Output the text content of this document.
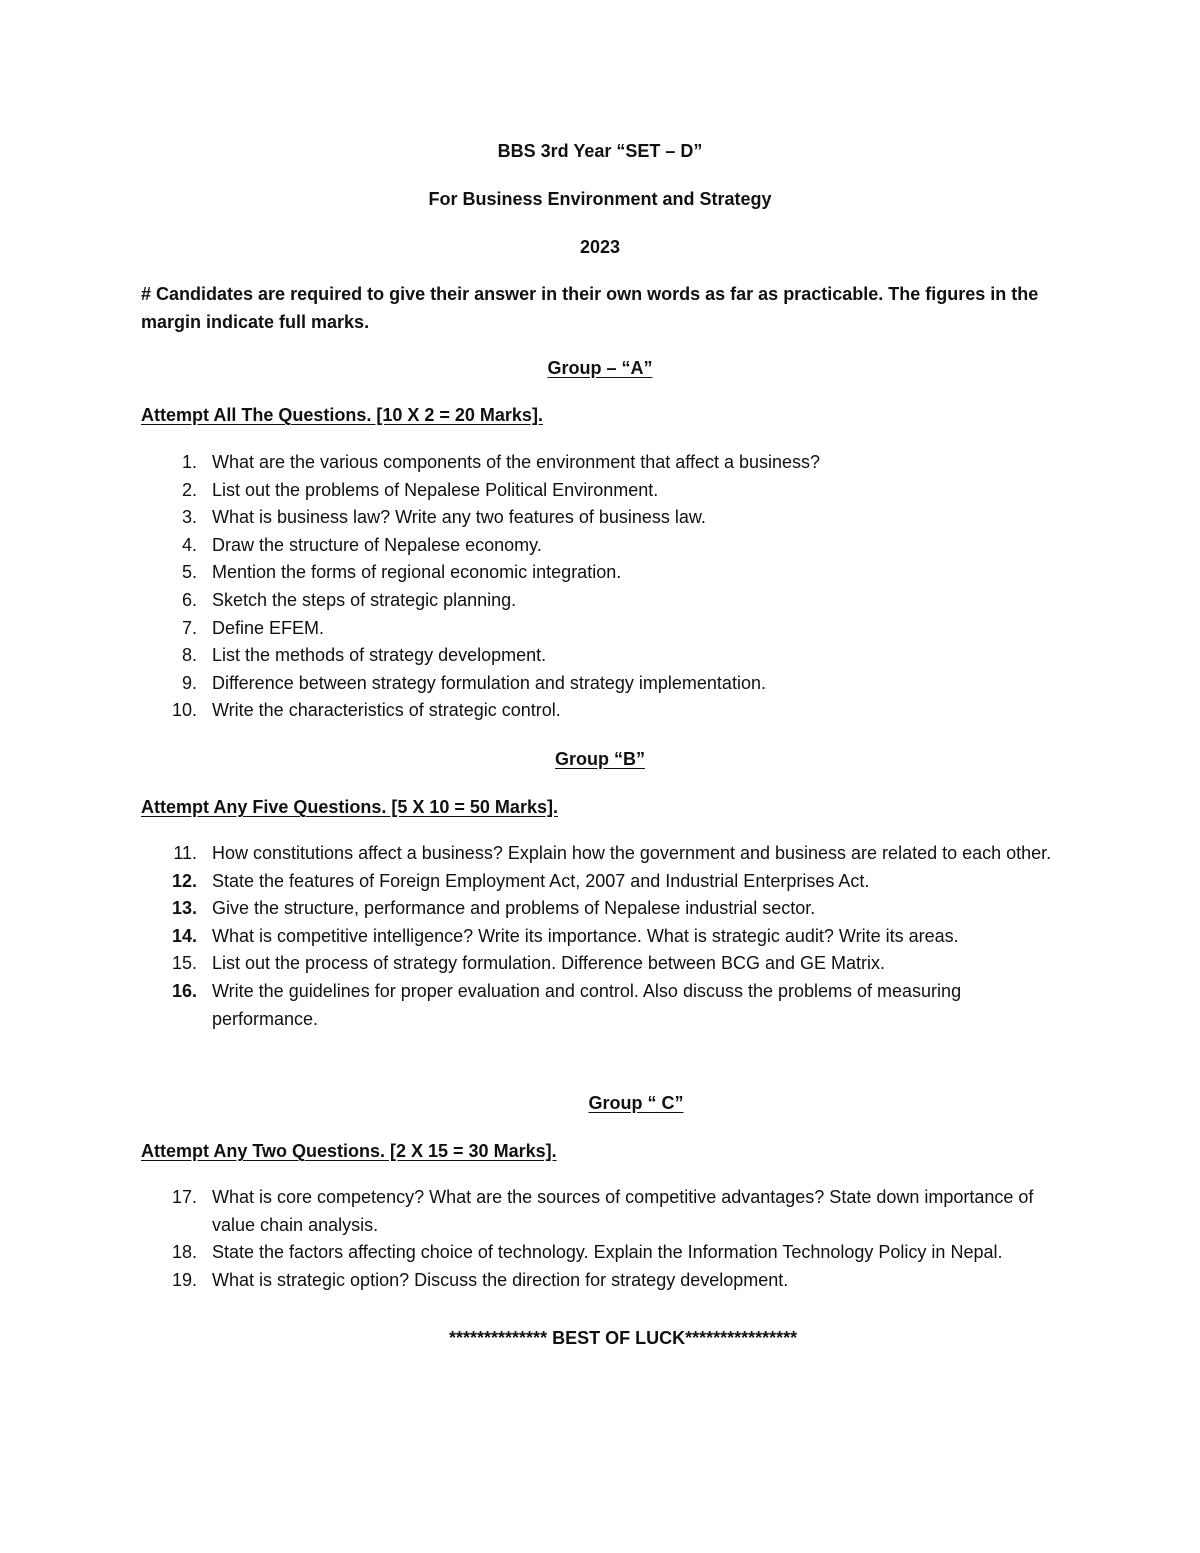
BBS 3rd Year “SET – D”
For Business Environment and Strategy
2023
# Candidates are required to give their answer in their own words as far as practicable. The figures in the margin indicate full marks.
Group – “A”
Attempt All The Questions. [10 X 2 = 20 Marks].
1. What are the various components of the environment that affect a business?
2. List out the problems of Nepalese Political Environment.
3. What is business law? Write any two features of business law.
4. Draw the structure of Nepalese economy.
5. Mention the forms of regional economic integration.
6. Sketch the steps of strategic planning.
7. Define EFEM.
8. List the methods of strategy development.
9. Difference between strategy formulation and strategy implementation.
10. Write the characteristics of strategic control.
Group “B”
Attempt Any Five Questions. [5 X 10 = 50 Marks].
11. How constitutions affect a business? Explain how the government and business are related to each other.
12. State the features of Foreign Employment Act, 2007 and Industrial Enterprises Act.
13. Give the structure, performance and problems of Nepalese industrial sector.
14. What is competitive intelligence? Write its importance. What is strategic audit? Write its areas.
15. List out the process of strategy formulation. Difference between BCG and GE Matrix.
16. Write the guidelines for proper evaluation and control. Also discuss the problems of measuring performance.
Group “ C”
Attempt Any Two Questions. [2 X 15 = 30 Marks].
17. What is core competency? What are the sources of competitive advantages? State down importance of value chain analysis.
18. State the factors affecting choice of technology. Explain the Information Technology Policy in Nepal.
19. What is strategic option? Discuss the direction for strategy development.
************** BEST OF LUCK****************
